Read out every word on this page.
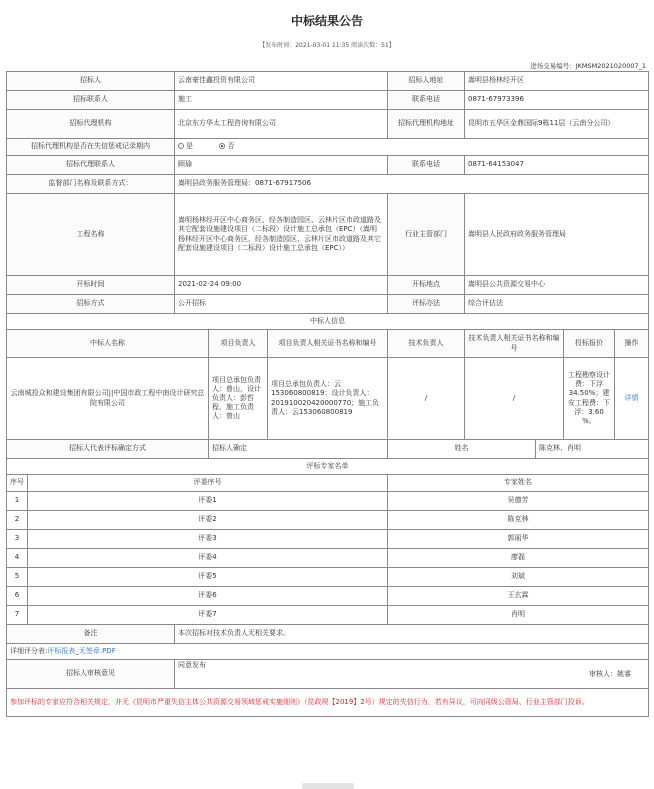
中标结果公告
【发布时间：2021-03-01 11:35 阅读次数：51】
进场交易编号：JKMSM2021020007_1
招标人		云南豪佳鑫投资有限公司			招标人地址	嵩明县杨林经开区			
招标联系人		施工			联系电话	0871-67973396			
招标代理机构		北京东方华太工程咨询有限公司			招标代理机构地址	昆明市五华区金鼎国际9栋11层（云南分公司）			
招标代理机构是否在失信惩戒记录期内		是 否							
招标代理联系人		顾瑜			联系电话	0871-64153047			
监督部门名称及联系方式：		嵩明县政务服务管理局：0871-67917506							
工程名称		嵩明杨林经开区中心商务区、经各制造园区、云林片区市政道路及其它配套设施建设项目（二标段）设计施工总承包（EPC）（嵩明杨林经开区中心商务区、经各制造园区、云林片区市政道路及其它配套设施建设项目（二标段）设计施工总承包（EPC））			行业主管部门	嵩明县人民政府政务服务管理局			
开标时间		2021-02-24 09:00			开标地点	嵩明县公共资源交易中心			
招标方式		公开招标			评标办法	综合评估法			
中标人信息									
中标人名称			项目负责人	项目负责人相关证书名称和编号	技术负责人	技术负责人相关证书名称和编号		投标报价	操作
云南城投众和建设集团有限公司||中国市政工程中南设计研究总院有限公司			项目总承包负责人：曾山，设计负责人：彭哲程，施工负责人：曾山	项目总承包负责人：云153060800819；设计负责人：201910020420000770；施工负责人：云153060800819	/	/		工程勘察设计费：下浮34.50%；建安工程费：下浮：3.60 %。	详情
招标人代表评标确定方式			招标人确定		姓名		陈克林、肖明		
评标专家名单									
序号	评委序号				专家姓名				
1	评委1				吴德芳				
2	评委2				陈克林				
3	评委3				郭丽华				
4	评委4				廖磊				
5	评委5				刘斌				
6	评委6				王玄霖				
7	评委7				肖明				
备注		本次招标对技术负责人无相关要求。							
详细评分表:评标报表_无签章.PDF									
招标人审核意见		同意发布
审核人：姚睿							

参加评标的专家应符合相关规定，并无《昆明市严重失信主体公共资源交易领域惩戒实施细则》（昆政规【2019】2号）规定的失信行为，若有异议，可向同级公管局、行业主管部门投诉。									
